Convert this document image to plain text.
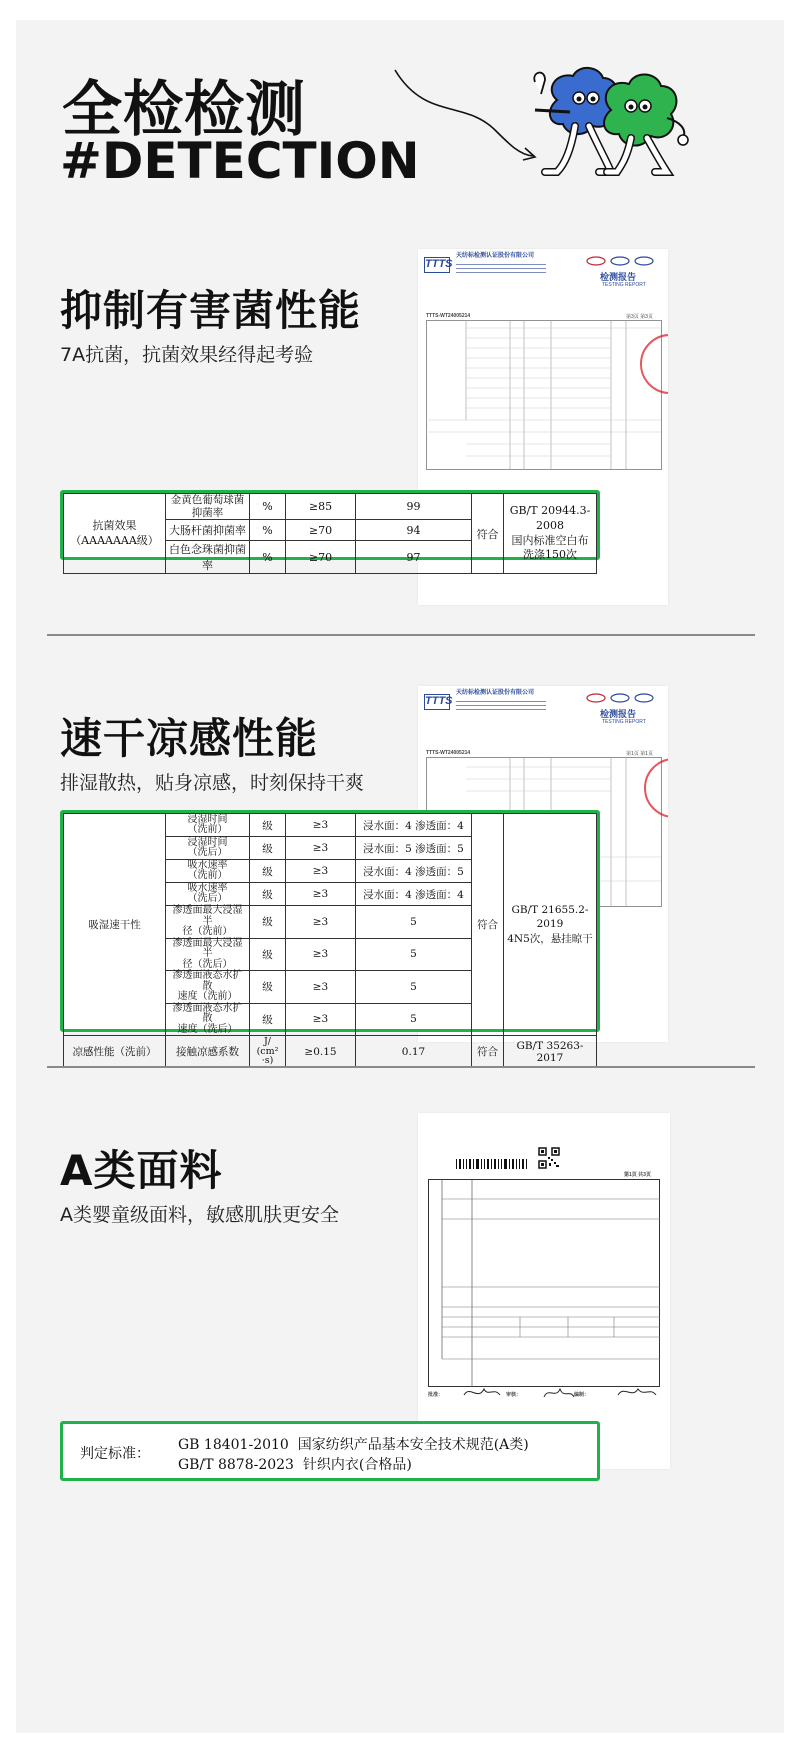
全检检测
#DETECTION
抑制有害菌性能
7A抗菌，抗菌效果经得起考验
TTTS
天纺标检测认证股份有限公司
检测报告
TESTING REPORT
TTTS-WT24005214	第3页 第3页
抗菌效果
（AAAAAAA级）	金黄色葡萄球菌抑菌率	%	≥85	99	符合	GB/T 20944.3-2008
国内标准空白布
洗涤150次
	大肠杆菌抑菌率	%	≥70	94		
	白色念珠菌抑菌率	%	≥70	97		
速干凉感性能
排湿散热，贴身凉感，时刻保持干爽
TTTS
天纺标检测认证股份有限公司
检测报告
TESTING REPORT
TTTS-WT24005214	第1页 第1页
吸湿速干性	浸湿时间
（洗前）	级	≥3	浸水面：4 渗透面：4	符合	GB/T 21655.2-2019
4N5次，悬挂晾干
	浸湿时间
（洗后）	级	≥3	浸水面：5 渗透面：5		
	吸水速率
（洗前）	级	≥3	浸水面：4 渗透面：5		
	吸水速率
（洗后）	级	≥3	浸水面：4 渗透面：4		
	渗透面最大浸湿半
径（洗前）	级	≥3	5		
	渗透面最大浸湿半
径（洗后）	级	≥3	5		
	渗透面液态水扩散
速度（洗前）	级	≥3	5		
	渗透面液态水扩散
速度（洗后）	级	≥3	5		
凉感性能（洗前）	接触凉感系数	J/
(cm²
·s)	≥0.15	0.17	符合	GB/T 35263-2017
A类面料
A类婴童级面料，敏感肌肤更安全
第1页 共3页
批准：	审核：	编制：
判定标准：
GB 18401-2010  国家纺织产品基本安全技术规范(A类)
GB/T 8878-2023  针织内衣(合格品)
